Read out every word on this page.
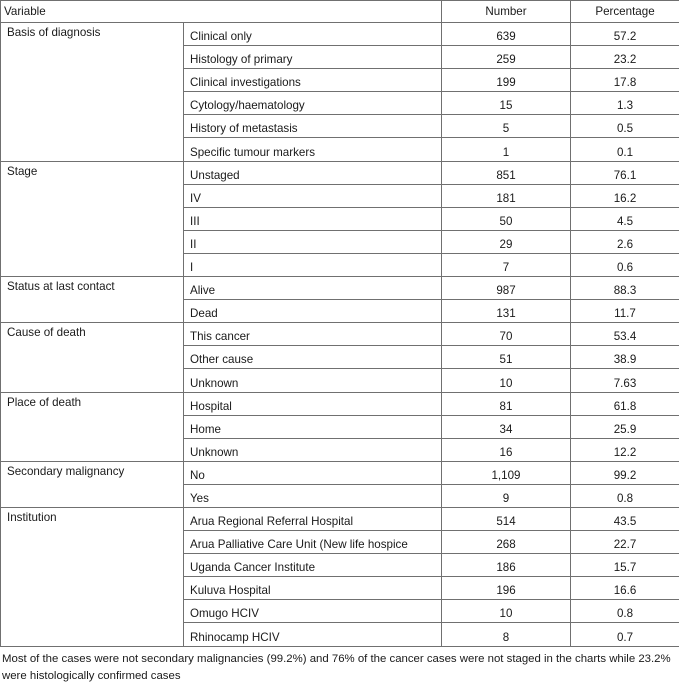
Variable		Number	Percentage
Basis of diagnosis	Clinical only	639	57.2
	Histology of primary	259	23.2
	Clinical investigations	199	17.8
	Cytology/haematology	15	1.3
	History of metastasis	5	0.5
	Specific tumour markers	1	0.1
Stage	Unstaged	851	76.1
	IV	181	16.2
	III	50	4.5
	II	29	2.6
	I	7	0.6
Status at last contact	Alive	987	88.3
	Dead	131	11.7
Cause of death	This cancer	70	53.4
	Other cause	51	38.9
	Unknown	10	7.63
Place of death	Hospital	81	61.8
	Home	34	25.9
	Unknown	16	12.2
Secondary malignancy	No	1,109	99.2
	Yes	9	0.8
Institution	Arua Regional Referral Hospital	514	43.5
	Arua Palliative Care Unit (New life hospice	268	22.7
	Uganda Cancer Institute	186	15.7
	Kuluva Hospital	196	16.6
	Omugo HCIV	10	0.8
	Rhinocamp HCIV	8	0.7
Most of the cases were not secondary malignancies (99.2%) and 76% of the cancer cases were not staged in the charts while 23.2% were histologically confirmed cases
